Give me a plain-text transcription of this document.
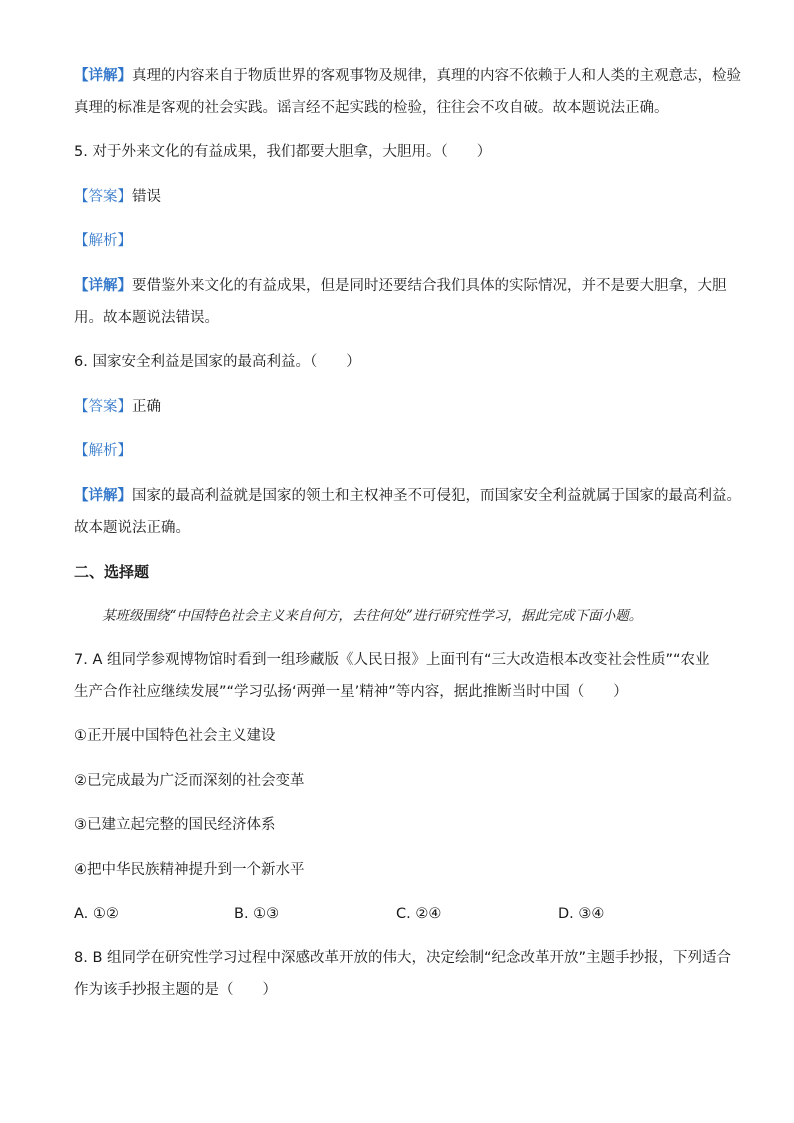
【详解】真理的内容来自于物质世界的客观事物及规律，真理的内容不依赖于人和人类的主观意志，检验
真理的标准是客观的社会实践。谣言经不起实践的检验，往往会不攻自破。故本题说法正确。
5. 对于外来文化的有益成果，我们都要大胆拿，大胆用。（　　）
【答案】错误
【解析】
【详解】要借鉴外来文化的有益成果，但是同时还要结合我们具体的实际情况，并不是要大胆拿，大胆
用。故本题说法错误。
6. 国家安全利益是国家的最高利益。（　　）
【答案】正确
【解析】
【详解】国家的最高利益就是国家的领土和主权神圣不可侵犯，而国家安全利益就属于国家的最高利益。
故本题说法正确。
二、选择题
某班级围绕“中国特色社会主义来自何方，去往何处”进行研究性学习，据此完成下面小题。
7. A 组同学参观博物馆时看到一组珍藏版《人民日报》上面刊有“三大改造根本改变社会性质”“农业
生产合作社应继续发展”“学习弘扬‘两弹一星’精神”等内容，据此推断当时中国（　　）
①正开展中国特色社会主义建设
②已完成最为广泛而深刻的社会变革
③已建立起完整的国民经济体系
④把中华民族精神提升到一个新水平
A. ①②	B. ①③	C. ②④	D. ③④
8. B 组同学在研究性学习过程中深感改革开放的伟大，决定绘制“纪念改革开放”主题手抄报，下列适合
作为该手抄报主题的是（　　）
